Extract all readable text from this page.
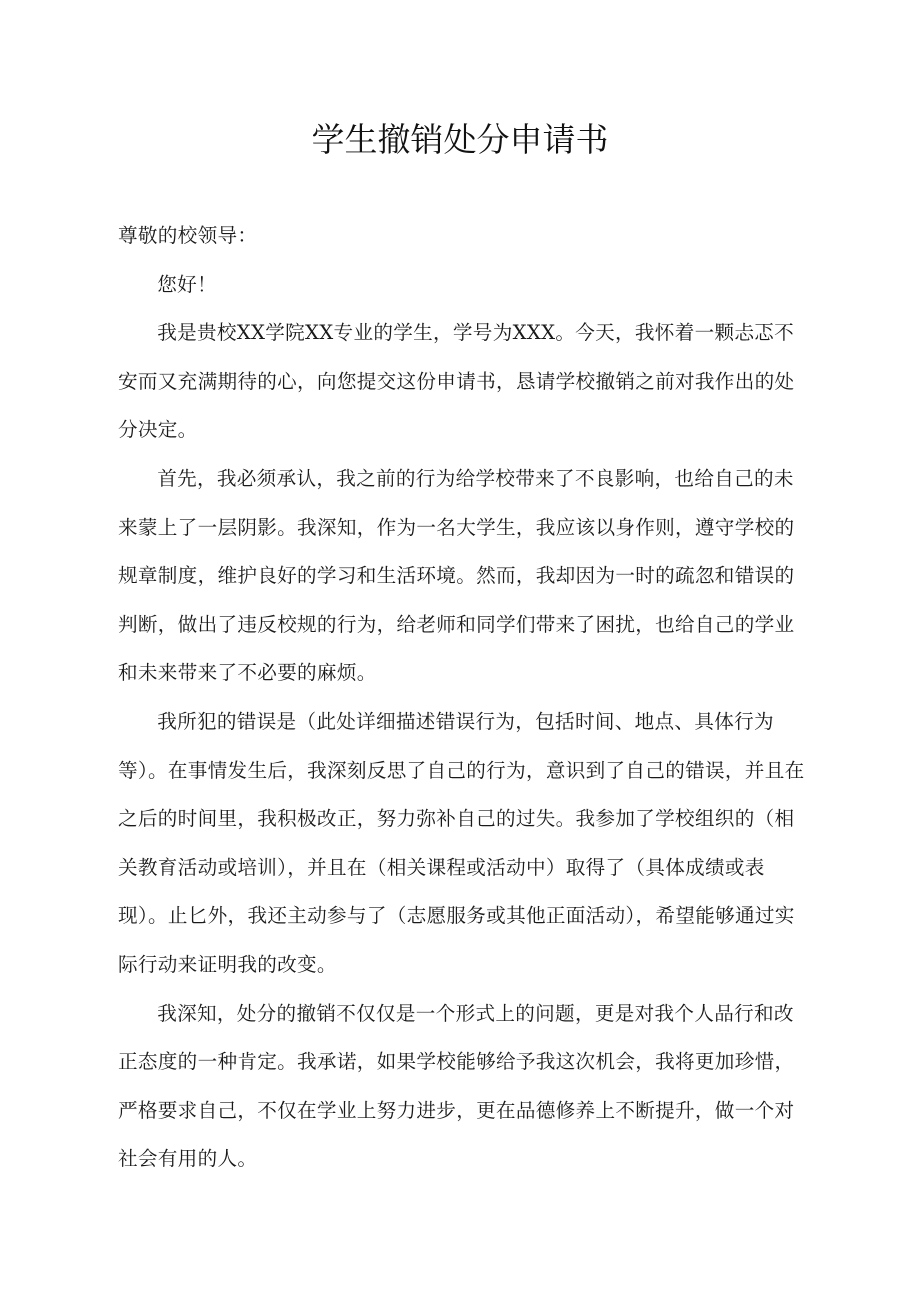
学生撤销处分申请书

尊敬的校领导：

您好！

我是贵校XX学院XX专业的学生，学号为XXX。今天，我怀着一颗忐忑不安而又充满期待的心，向您提交这份申请书，恳请学校撤销之前对我作出的处分决定。

首先，我必须承认，我之前的行为给学校带来了不良影响，也给自己的未来蒙上了一层阴影。我深知，作为一名大学生，我应该以身作则，遵守学校的规章制度，维护良好的学习和生活环境。然而，我却因为一时的疏忽和错误的判断，做出了违反校规的行为，给老师和同学们带来了困扰，也给自己的学业和未来带来了不必要的麻烦。

我所犯的错误是（此处详细描述错误行为，包括时间、地点、具体行为等）。在事情发生后，我深刻反思了自己的行为，意识到了自己的错误，并且在之后的时间里，我积极改正，努力弥补自己的过失。我参加了学校组织的（相关教育活动或培训），并且在（相关课程或活动中）取得了（具体成绩或表现）。止匕外，我还主动参与了（志愿服务或其他正面活动），希望能够通过实际行动来证明我的改变。

我深知，处分的撤销不仅仅是一个形式上的问题，更是对我个人品行和改正态度的一种肯定。我承诺，如果学校能够给予我这次机会，我将更加珍惜，严格要求自己，不仅在学业上努力进步，更在品德修养上不断提升，做一个对社会有用的人。
